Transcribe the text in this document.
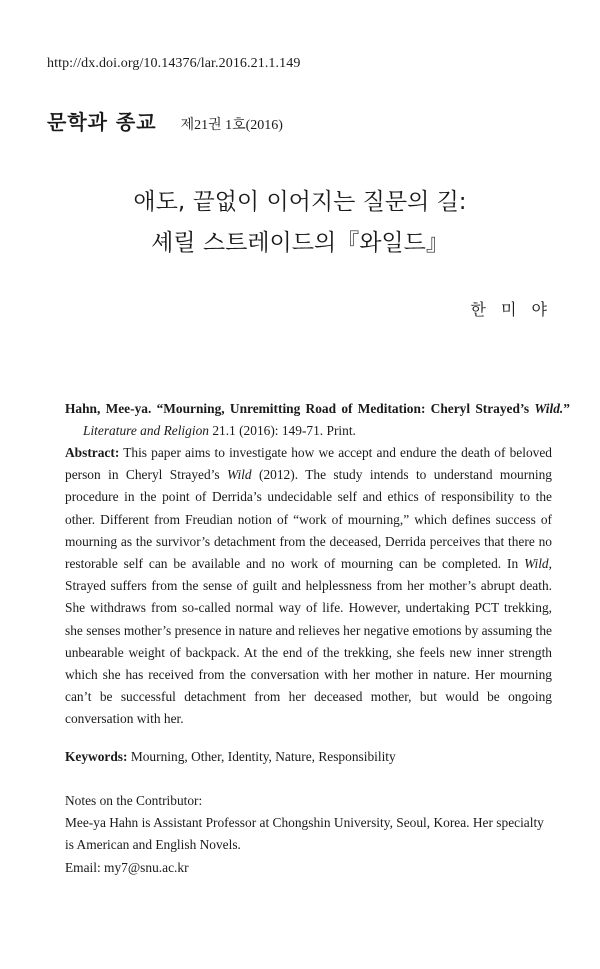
http://dx.doi.org/10.14376/lar.2016.21.1.149
문학과 종교 제21권 1호(2016)
애도, 끝없이 이어지는 질문의 길:
셰릴 스트레이드의『와일드』
한 미 야
Hahn, Mee-ya. “Mourning, Unremitting Road of Meditation: Cheryl Strayed’s Wild.” Literature and Religion 21.1 (2016): 149-71. Print.
Abstract: This paper aims to investigate how we accept and endure the death of beloved person in Cheryl Strayed’s Wild (2012). The study intends to understand mourning procedure in the point of Derrida’s undecidable self and ethics of responsibility to the other. Different from Freudian notion of “work of mourning,” which defines success of mourning as the survivor’s detachment from the deceased, Derrida perceives that there no restorable self can be available and no work of mourning can be completed. In Wild, Strayed suffers from the sense of guilt and helplessness from her mother’s abrupt death. She withdraws from so-called normal way of life. However, undertaking PCT trekking, she senses mother’s presence in nature and relieves her negative emotions by assuming the unbearable weight of backpack. At the end of the trekking, she feels new inner strength which she has received from the conversation with her mother in nature. Her mourning can’t be successful detachment from her deceased mother, but would be ongoing conversation with her.
Keywords: Mourning, Other, Identity, Nature, Responsibility
Notes on the Contributor:
Mee-ya Hahn is Assistant Professor at Chongshin University, Seoul, Korea. Her specialty is American and English Novels.
Email: my7@snu.ac.kr
